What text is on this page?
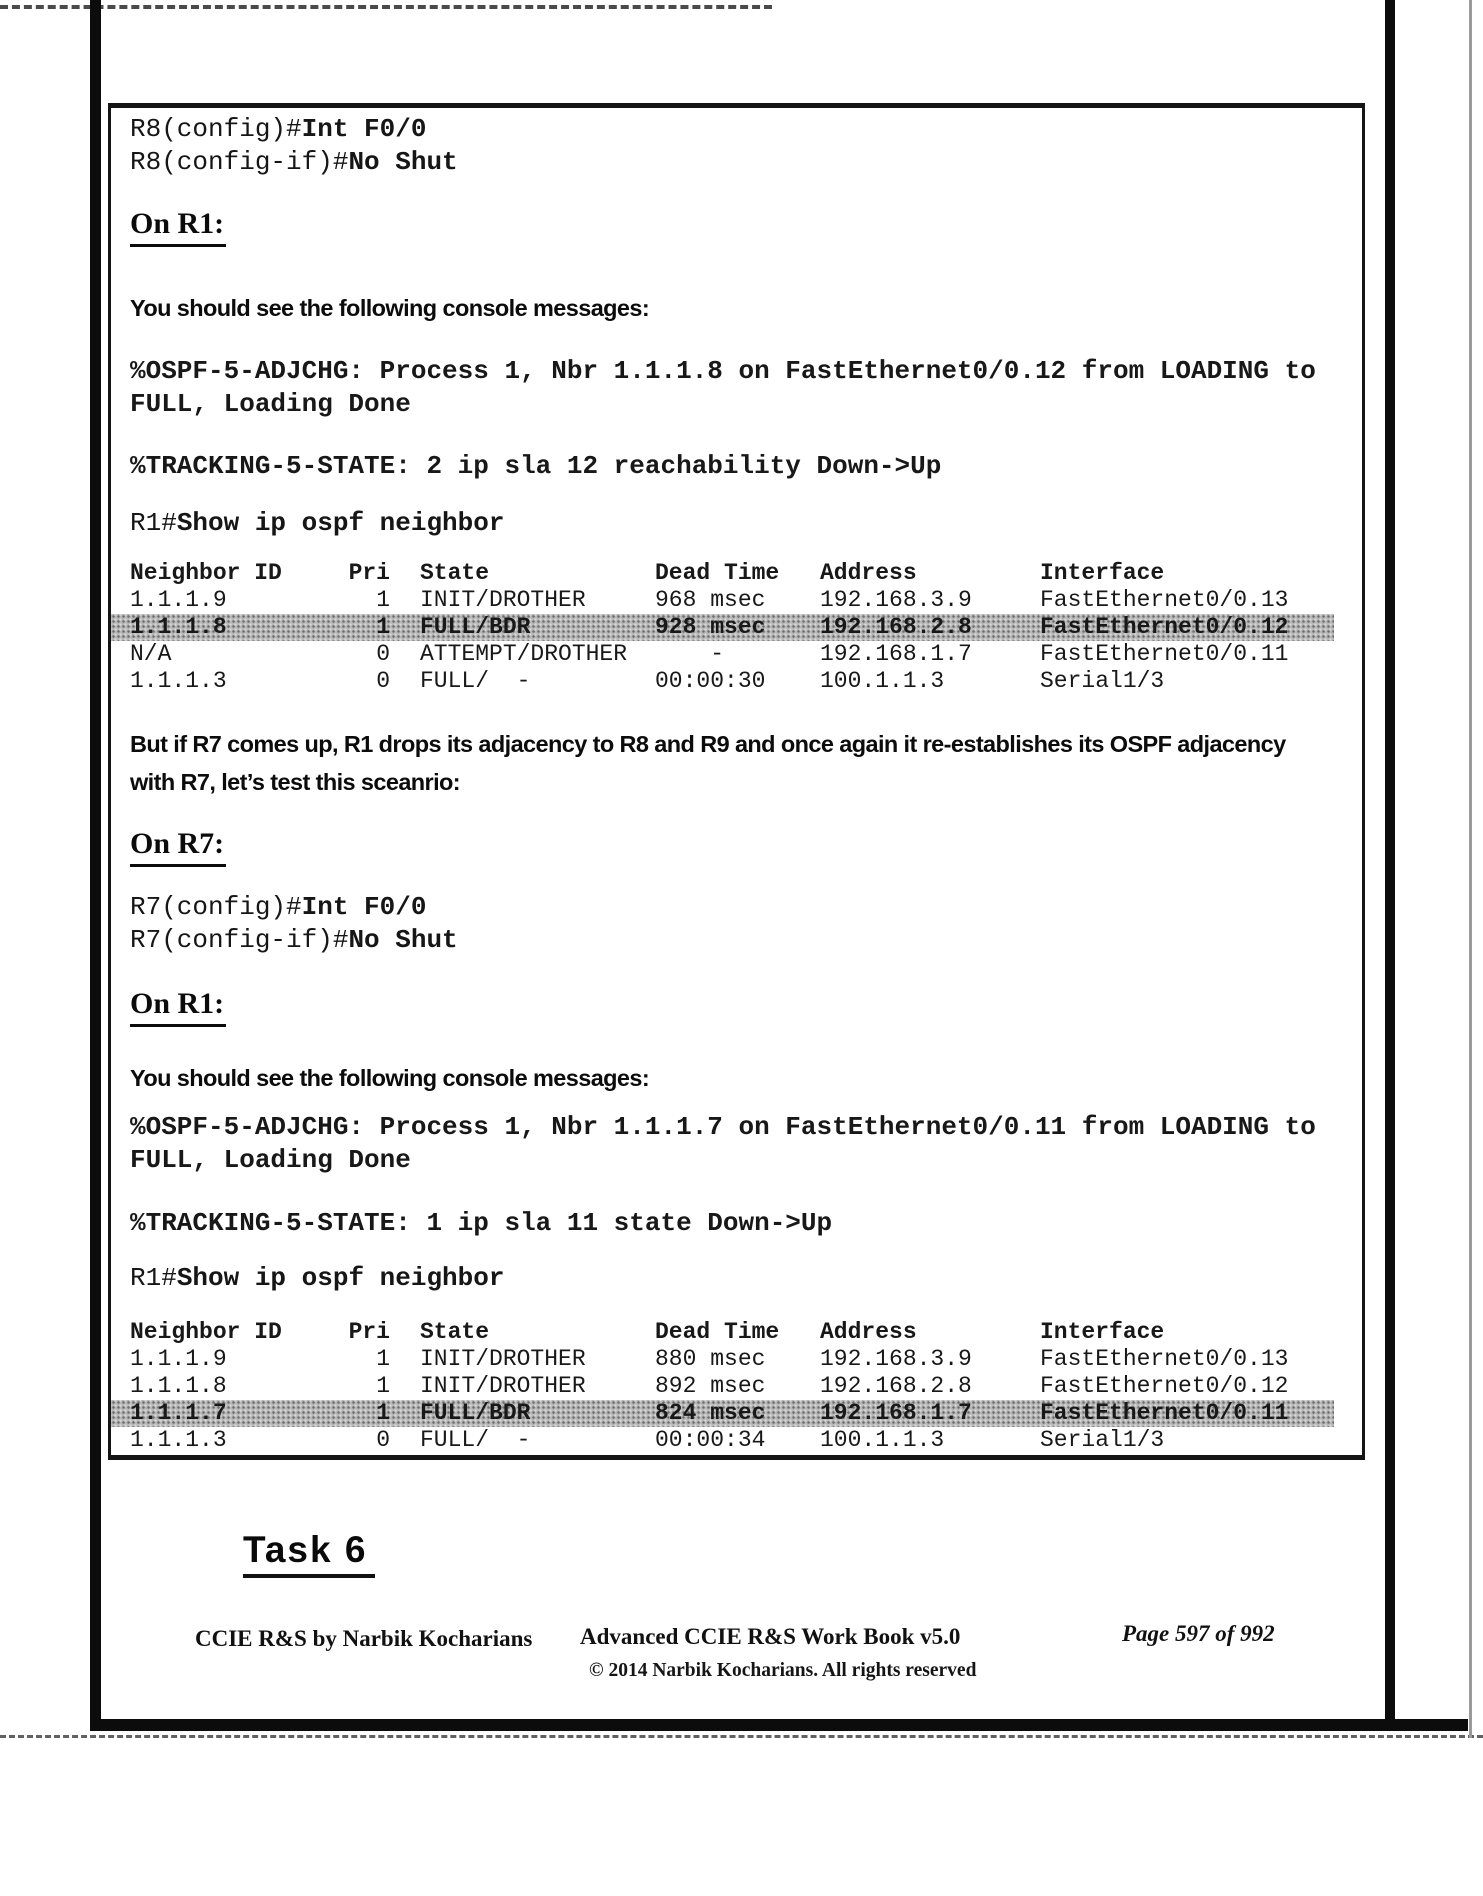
R8(config)#Int F0/0
R8(config-if)#No Shut
On R1:
You should see the following console messages:
%OSPF-5-ADJCHG: Process 1, Nbr 1.1.1.8 on FastEthernet0/0.12 from LOADING to FULL, Loading Done
%TRACKING-5-STATE: 2 ip sla 12 reachability Down->Up
R1#Show ip ospf neighbor
Neighbor ID	Pri State	Dead Time	Address	Interface
1.1.1.9	1 INIT/DROTHER	968 msec	192.168.3.9	FastEthernet0/0.13
1.1.1.8	1 FULL/BDR	928 msec	192.168.2.8	FastEthernet0/0.12
N/A	0 ATTEMPT/DROTHER	-	192.168.1.7	FastEthernet0/0.11
1.1.1.3	0 FULL/  -	00:00:30	100.1.1.3	Serial1/3
But if R7 comes up, R1 drops its adjacency to R8 and R9 and once again it re-establishes its OSPF adjacency with R7, let’s test this sceanrio:
On R7:
R7(config)#Int F0/0
R7(config-if)#No Shut
On R1:
You should see the following console messages:
%OSPF-5-ADJCHG: Process 1, Nbr 1.1.1.7 on FastEthernet0/0.11 from LOADING to FULL, Loading Done
%TRACKING-5-STATE: 1 ip sla 11 state Down->Up
R1#Show ip ospf neighbor
Neighbor ID	Pri State	Dead Time	Address	Interface
1.1.1.9	1 INIT/DROTHER	880 msec	192.168.3.9	FastEthernet0/0.13
1.1.1.8	1 INIT/DROTHER	892 msec	192.168.2.8	FastEthernet0/0.12
1.1.1.7	1 FULL/BDR	824 msec	192.168.1.7	FastEthernet0/0.11
1.1.1.3	0 FULL/  -	00:00:34	100.1.1.3	Serial1/3
Task 6
CCIE R&S by Narbik Kocharians Advanced CCIE R&S Work Book v5.0
© 2014 Narbik Kocharians. All rights reserved
Page 597 of 992
